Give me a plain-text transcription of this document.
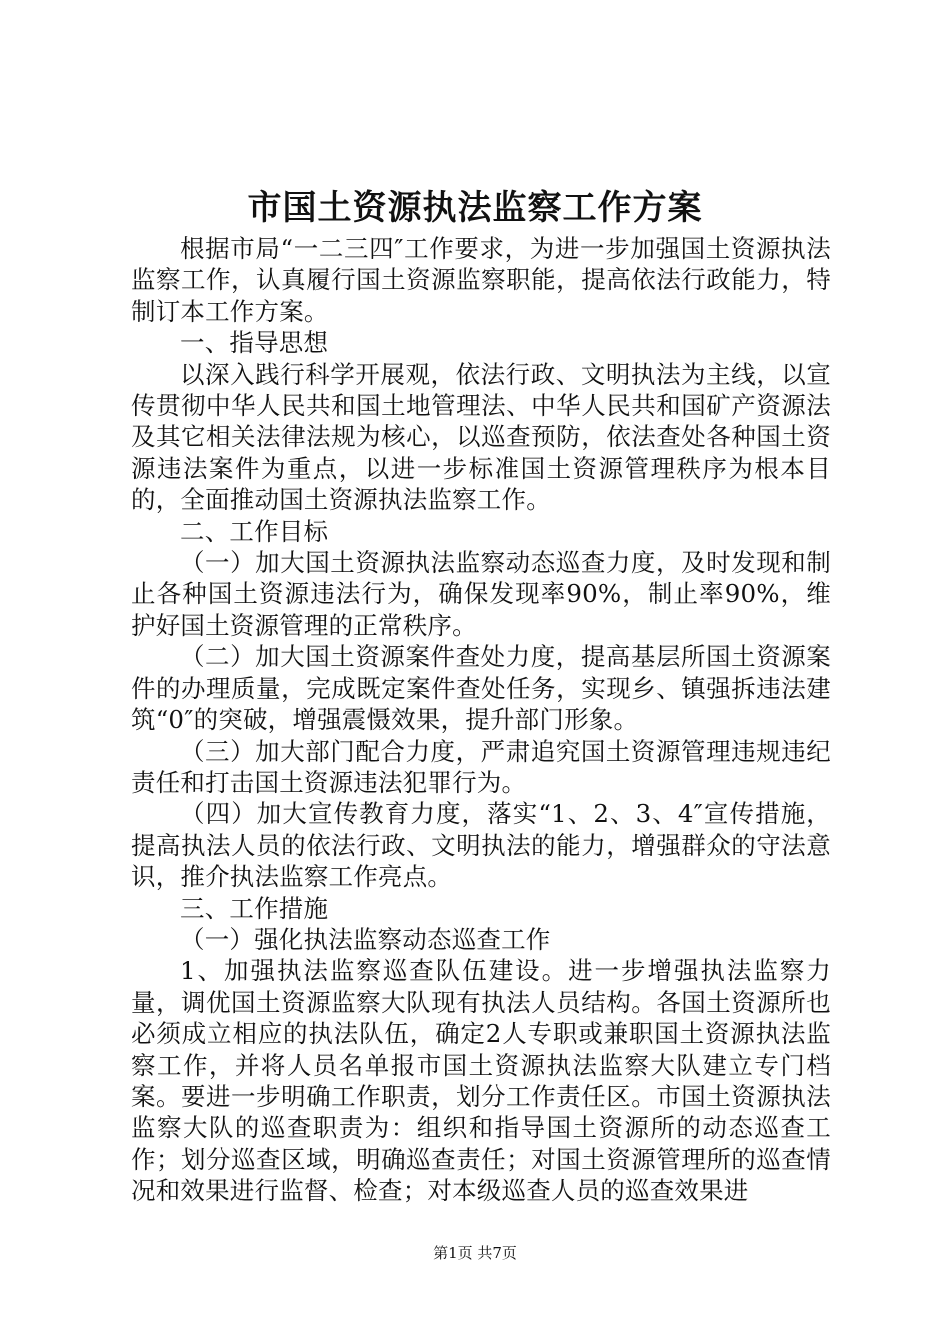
市国土资源执法监察工作方案

根据市局“一二三四″工作要求，为进一步加强国土资源执法监察工作，认真履行国土资源监察职能，提高依法行政能力，特制订本工作方案。

一、指导思想

以深入践行科学开展观，依法行政、文明执法为主线，以宣传贯彻中华人民共和国土地管理法、中华人民共和国矿产资源法及其它相关法律法规为核心，以巡查预防，依法查处各种国土资源违法案件为重点，以进一步标准国土资源管理秩序为根本目的，全面推动国土资源执法监察工作。

二、工作目标

（一）加大国土资源执法监察动态巡查力度，及时发现和制止各种国土资源违法行为，确保发现率90%，制止率90%，维护好国土资源管理的正常秩序。

（二）加大国土资源案件查处力度，提高基层所国土资源案件的办理质量，完成既定案件查处任务，实现乡、镇强拆违法建筑“0″的突破，增强震慑效果，提升部门形象。

（三）加大部门配合力度，严肃追究国土资源管理违规违纪责任和打击国土资源违法犯罪行为。

（四）加大宣传教育力度，落实“1、2、3、4″宣传措施，提高执法人员的依法行政、文明执法的能力，增强群众的守法意识，推介执法监察工作亮点。

三、工作措施

（一）强化执法监察动态巡查工作

1、加强执法监察巡查队伍建设。进一步增强执法监察力量，调优国土资源监察大队现有执法人员结构。各国土资源所也必须成立相应的执法队伍，确定2人专职或兼职国土资源执法监察工作，并将人员名单报市国土资源执法监察大队建立专门档案。要进一步明确工作职责，划分工作责任区。市国土资源执法监察大队的巡查职责为：组织和指导国土资源所的动态巡查工作；划分巡查区域，明确巡查责任；对国土资源管理所的巡查情况和效果进行监督、检查；对本级巡查人员的巡查效果进

第1页 共7页
